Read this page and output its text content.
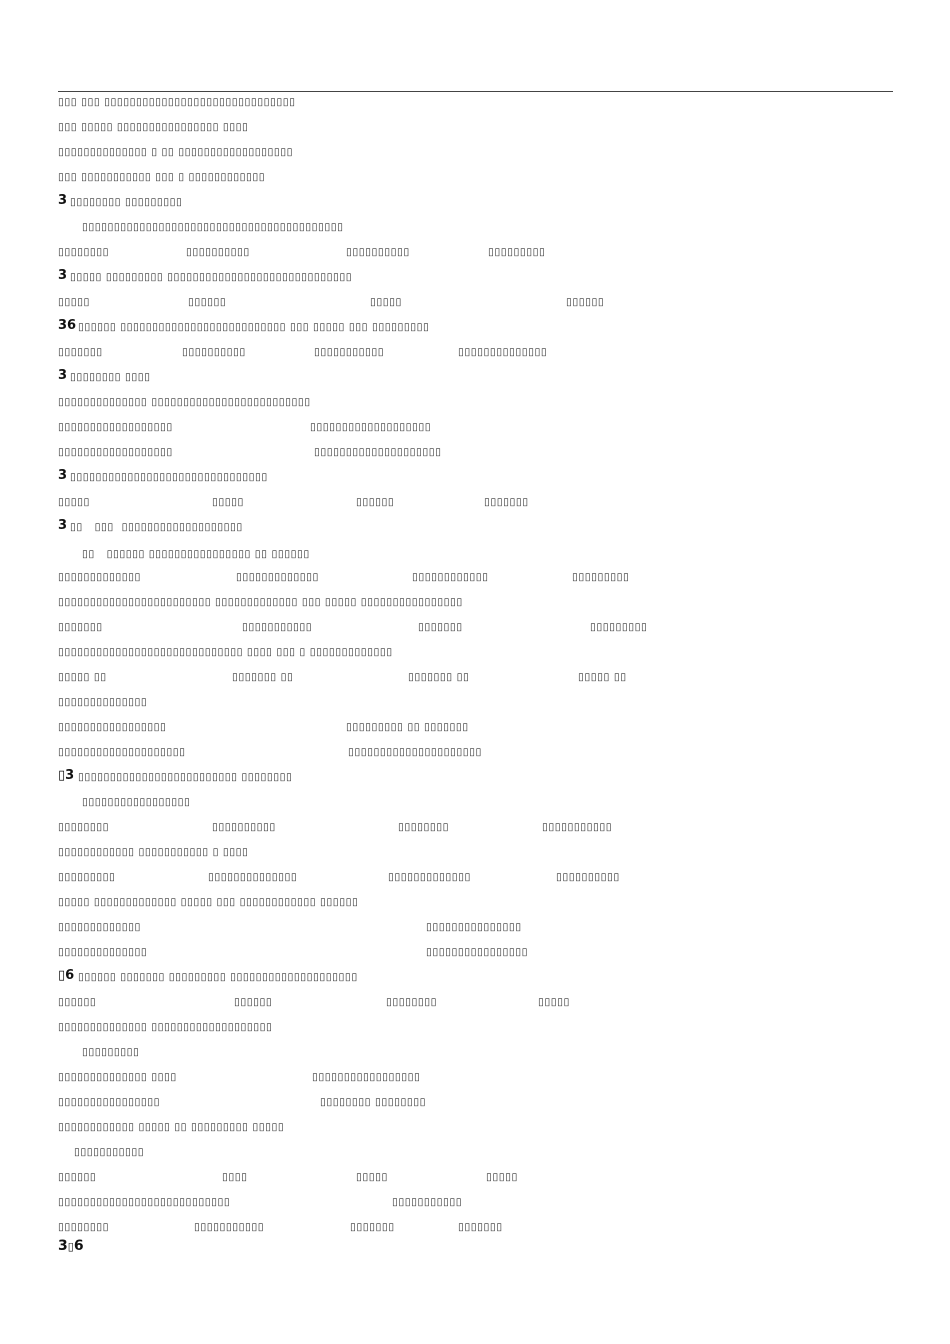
▯▯▯ ▯▯▯ ▯▯▯▯▯▯▯▯▯▯▯▯▯▯▯▯▯▯▯▯▯▯▯▯▯▯▯▯▯▯
▯▯▯ ▯▯▯▯▯ ▯▯▯▯▯▯▯▯▯▯▯▯▯▯▯▯ ▯▯▯▯
▯▯▯▯▯▯▯▯▯▯▯▯▯▯ ▯ ▯▯ ▯▯▯▯▯▯▯▯▯▯▯▯▯▯▯▯▯▯
▯▯▯ ▯▯▯▯▯▯▯▯▯▯▯ ▯▯▯ ▯ ▯▯▯▯▯▯▯▯▯▯▯▯
3 ▯▯▯▯▯▯▯▯ ▯▯▯▯▯▯▯▯▯
▯▯▯▯▯▯▯▯▯▯▯▯▯▯▯▯▯▯▯▯▯▯▯▯▯▯▯▯▯▯▯▯▯▯▯▯▯▯▯▯▯
▯▯▯▯▯▯▯▯	▯▯▯▯▯▯▯▯▯▯	▯▯▯▯▯▯▯▯▯▯	▯▯▯▯▯▯▯▯▯
3 ▯▯▯▯▯ ▯▯▯▯▯▯▯▯▯ ▯▯▯▯▯▯▯▯▯▯▯▯▯▯▯▯▯▯▯▯▯▯▯▯▯▯▯▯▯
▯▯▯▯▯	▯▯▯▯▯▯	▯▯▯▯▯	▯▯▯▯▯▯
36 ▯▯▯▯▯▯ ▯▯▯▯▯▯▯▯▯▯▯▯▯▯▯▯▯▯▯▯▯▯▯▯▯▯ ▯▯▯ ▯▯▯▯▯ ▯▯▯ ▯▯▯▯▯▯▯▯▯
▯▯▯▯▯▯▯	▯▯▯▯▯▯▯▯▯▯	▯▯▯▯▯▯▯▯▯▯▯	▯▯▯▯▯▯▯▯▯▯▯▯▯▯
3 ▯▯▯▯▯▯▯▯ ▯▯▯▯
▯▯▯▯▯▯▯▯▯▯▯▯▯▯ ▯▯▯▯▯▯▯▯▯▯▯▯▯▯▯▯▯▯▯▯▯▯▯▯▯
▯▯▯▯▯▯▯▯▯▯▯▯▯▯▯▯▯▯	▯▯▯▯▯▯▯▯▯▯▯▯▯▯▯▯▯▯▯
▯▯▯▯▯▯▯▯▯▯▯▯▯▯▯▯▯▯	▯▯▯▯▯▯▯▯▯▯▯▯▯▯▯▯▯▯▯▯
3 ▯▯▯▯▯▯▯▯▯▯▯▯▯▯▯▯▯▯▯▯▯▯▯▯▯▯▯▯▯▯▯
▯▯▯▯▯	▯▯▯▯▯	▯▯▯▯▯▯	▯▯▯▯▯▯▯
3 ▯▯   ▯▯▯  ▯▯▯▯▯▯▯▯▯▯▯▯▯▯▯▯▯▯▯
▯▯   ▯▯▯▯▯▯ ▯▯▯▯▯▯▯▯▯▯▯▯▯▯▯▯ ▯▯ ▯▯▯▯▯▯
▯▯▯▯▯▯▯▯▯▯▯▯▯	▯▯▯▯▯▯▯▯▯▯▯▯▯	▯▯▯▯▯▯▯▯▯▯▯▯	▯▯▯▯▯▯▯▯▯
▯▯▯▯▯▯▯▯▯▯▯▯▯▯▯▯▯▯▯▯▯▯▯▯ ▯▯▯▯▯▯▯▯▯▯▯▯▯ ▯▯▯ ▯▯▯▯▯ ▯▯▯▯▯▯▯▯▯▯▯▯▯▯▯▯
▯▯▯▯▯▯▯	▯▯▯▯▯▯▯▯▯▯▯	▯▯▯▯▯▯▯	▯▯▯▯▯▯▯▯▯
▯▯▯▯▯▯▯▯▯▯▯▯▯▯▯▯▯▯▯▯▯▯▯▯▯▯▯▯▯ ▯▯▯▯ ▯▯▯ ▯ ▯▯▯▯▯▯▯▯▯▯▯▯▯
▯▯▯▯▯ ▯▯	▯▯▯▯▯▯▯ ▯▯	▯▯▯▯▯▯▯ ▯▯	▯▯▯▯▯ ▯▯
▯▯▯▯▯▯▯▯▯▯▯▯▯▯
▯▯▯▯▯▯▯▯▯▯▯▯▯▯▯▯▯	▯▯▯▯▯▯▯▯▯ ▯▯ ▯▯▯▯▯▯▯
▯▯▯▯▯▯▯▯▯▯▯▯▯▯▯▯▯▯▯▯	▯▯▯▯▯▯▯▯▯▯▯▯▯▯▯▯▯▯▯▯▯
▯3 ▯▯▯▯▯▯▯▯▯▯▯▯▯▯▯▯▯▯▯▯▯▯▯▯▯ ▯▯▯▯▯▯▯▯
▯▯▯▯▯▯▯▯▯▯▯▯▯▯▯▯▯
▯▯▯▯▯▯▯▯	▯▯▯▯▯▯▯▯▯▯	▯▯▯▯▯▯▯▯	▯▯▯▯▯▯▯▯▯▯▯
▯▯▯▯▯▯▯▯▯▯▯▯ ▯▯▯▯▯▯▯▯▯▯▯ ▯ ▯▯▯▯
▯▯▯▯▯▯▯▯▯	▯▯▯▯▯▯▯▯▯▯▯▯▯▯	▯▯▯▯▯▯▯▯▯▯▯▯▯	▯▯▯▯▯▯▯▯▯▯
▯▯▯▯▯ ▯▯▯▯▯▯▯▯▯▯▯▯▯ ▯▯▯▯▯ ▯▯▯ ▯▯▯▯▯▯▯▯▯▯▯▯ ▯▯▯▯▯▯
▯▯▯▯▯▯▯▯▯▯▯▯▯	▯▯▯▯▯▯▯▯▯▯▯▯▯▯▯
▯▯▯▯▯▯▯▯▯▯▯▯▯▯	▯▯▯▯▯▯▯▯▯▯▯▯▯▯▯▯
▯6 ▯▯▯▯▯▯ ▯▯▯▯▯▯▯ ▯▯▯▯▯▯▯▯▯ ▯▯▯▯▯▯▯▯▯▯▯▯▯▯▯▯▯▯▯▯
▯▯▯▯▯▯	▯▯▯▯▯▯	▯▯▯▯▯▯▯▯	▯▯▯▯▯
▯▯▯▯▯▯▯▯▯▯▯▯▯▯ ▯▯▯▯▯▯▯▯▯▯▯▯▯▯▯▯▯▯▯
▯▯▯▯▯▯▯▯▯
▯▯▯▯▯▯▯▯▯▯▯▯▯▯ ▯▯▯▯	▯▯▯▯▯▯▯▯▯▯▯▯▯▯▯▯▯
▯▯▯▯▯▯▯▯▯▯▯▯▯▯▯▯	▯▯▯▯▯▯▯▯ ▯▯▯▯▯▯▯▯
▯▯▯▯▯▯▯▯▯▯▯▯ ▯▯▯▯▯ ▯▯ ▯▯▯▯▯▯▯▯▯ ▯▯▯▯▯
▯▯▯▯▯▯▯▯▯▯▯
▯▯▯▯▯▯	▯▯▯▯	▯▯▯▯▯	▯▯▯▯▯
▯▯▯▯▯▯▯▯▯▯▯▯▯▯▯▯▯▯▯▯▯▯▯▯▯▯▯	▯▯▯▯▯▯▯▯▯▯▯
▯▯▯▯▯▯▯▯	▯▯▯▯▯▯▯▯▯▯▯	▯▯▯▯▯▯▯	▯▯▯▯▯▯▯
3▯6
